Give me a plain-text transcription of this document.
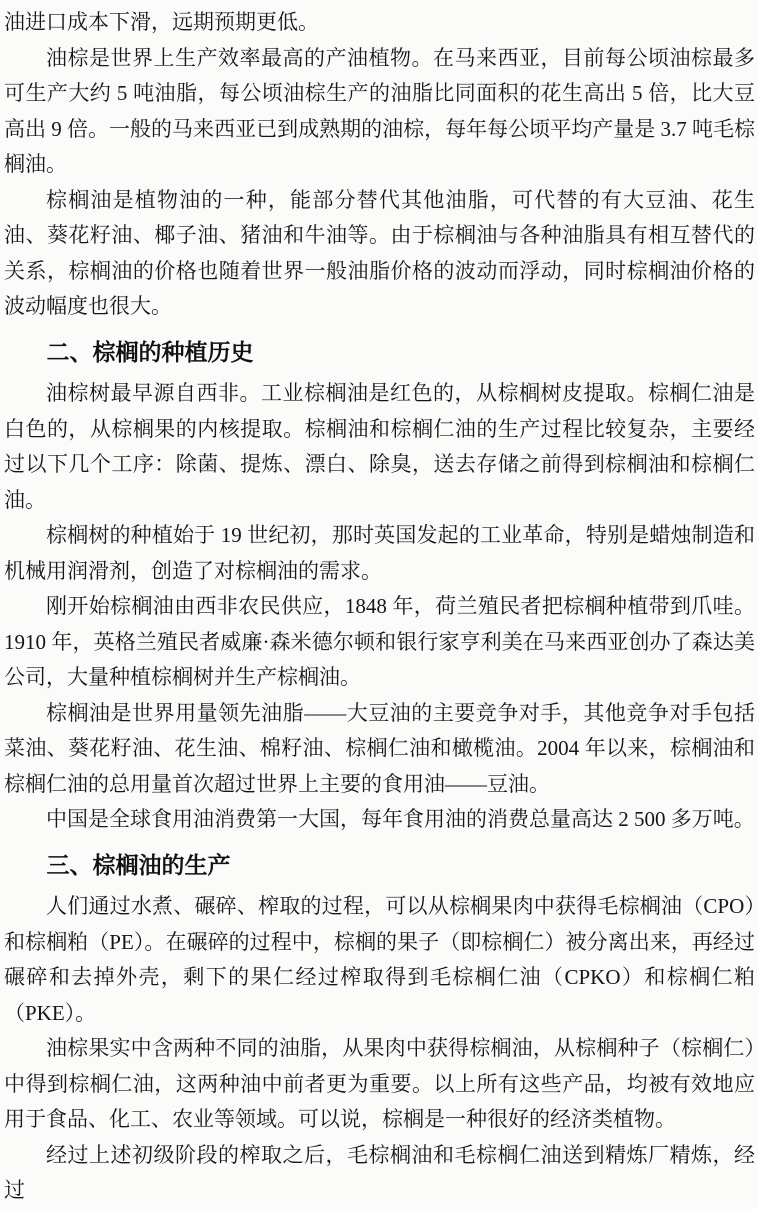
油进口成本下滑，远期预期更低。

油棕是世界上生产效率最高的产油植物。在马来西亚，目前每公顷油棕最多可生产大约 5 吨油脂，每公顷油棕生产的油脂比同面积的花生高出 5 倍，比大豆高出 9 倍。一般的马来西亚已到成熟期的油棕，每年每公顷平均产量是 3.7 吨毛棕榈油。

棕榈油是植物油的一种，能部分替代其他油脂，可代替的有大豆油、花生油、葵花籽油、椰子油、猪油和牛油等。由于棕榈油与各种油脂具有相互替代的关系，棕榈油的价格也随着世界一般油脂价格的波动而浮动，同时棕榈油价格的波动幅度也很大。

二、棕榈的种植历史

油棕树最早源自西非。工业棕榈油是红色的，从棕榈树皮提取。棕榈仁油是白色的，从棕榈果的内核提取。棕榈油和棕榈仁油的生产过程比较复杂，主要经过以下几个工序：除菌、提炼、漂白、除臭，送去存储之前得到棕榈油和棕榈仁油。

棕榈树的种植始于 19 世纪初，那时英国发起的工业革命，特别是蜡烛制造和机械用润滑剂，创造了对棕榈油的需求。

刚开始棕榈油由西非农民供应，1848 年，荷兰殖民者把棕榈种植带到爪哇。1910 年，英格兰殖民者威廉·森米德尔顿和银行家亨利美在马来西亚创办了森达美公司，大量种植棕榈树并生产棕榈油。

棕榈油是世界用量领先油脂——大豆油的主要竞争对手，其他竞争对手包括菜油、葵花籽油、花生油、棉籽油、棕榈仁油和橄榄油。2004 年以来，棕榈油和棕榈仁油的总用量首次超过世界上主要的食用油——豆油。

中国是全球食用油消费第一大国，每年食用油的消费总量高达 2 500 多万吨。

三、棕榈油的生产

人们通过水煮、碾碎、榨取的过程，可以从棕榈果肉中获得毛棕榈油（CPO）和棕榈粕（PE）。在碾碎的过程中，棕榈的果子（即棕榈仁）被分离出来，再经过碾碎和去掉外壳，剩下的果仁经过榨取得到毛棕榈仁油（CPKO）和棕榈仁粕（PKE）。

油棕果实中含两种不同的油脂，从果肉中获得棕榈油，从棕榈种子（棕榈仁）中得到棕榈仁油，这两种油中前者更为重要。以上所有这些产品，均被有效地应用于食品、化工、农业等领域。可以说，棕榈是一种很好的经济类植物。

经过上述初级阶段的榨取之后，毛棕榈油和毛棕榈仁油送到精炼厂精炼，经过
